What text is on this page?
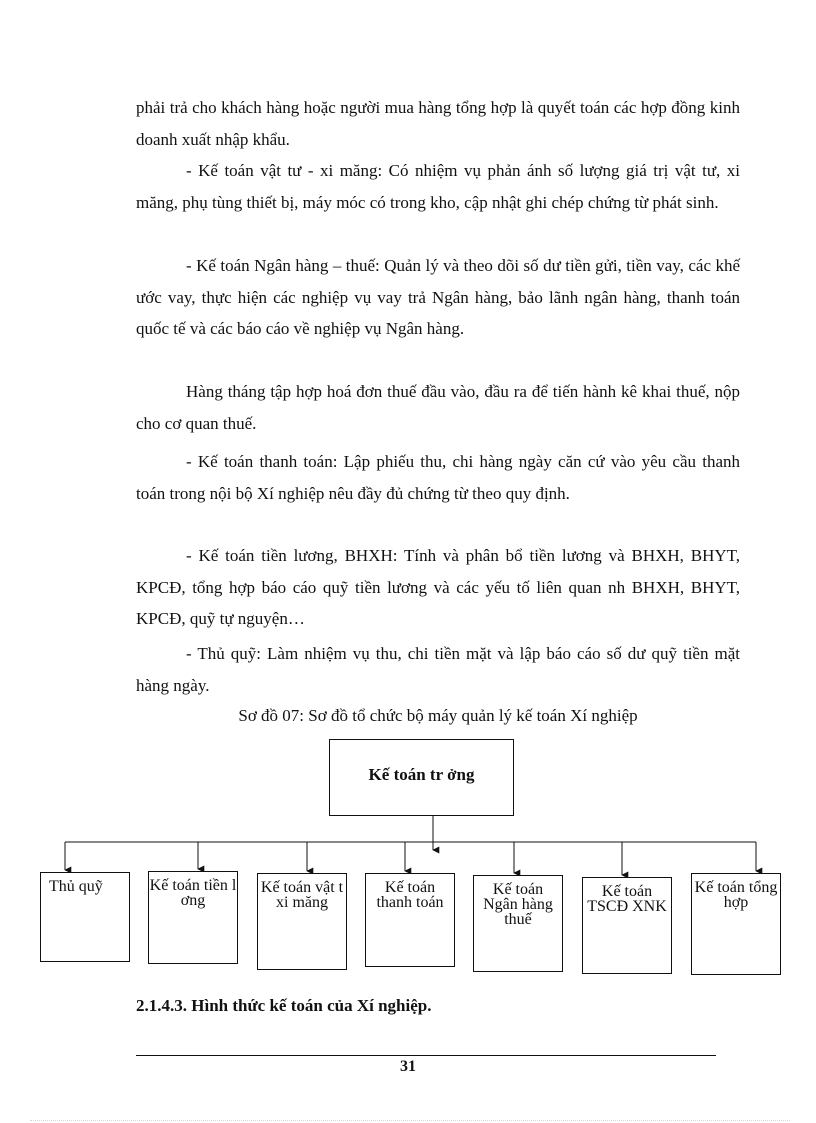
phải trả cho khách hàng hoặc người mua hàng tổng hợp là quyết toán các hợp đồng kinh doanh xuất nhập khẩu.
- Kế toán vật tư - xi măng: Có nhiệm vụ phản ánh số lượng giá trị vật tư, xi măng, phụ tùng thiết bị, máy móc có trong kho, cập nhật ghi chép chứng từ phát sinh.
- Kế toán Ngân hàng – thuế: Quản lý và theo dõi số dư tiền gửi, tiền vay, các khế ước vay, thực hiện các nghiệp vụ vay trả Ngân hàng, bảo lãnh ngân hàng, thanh toán quốc tế và các báo cáo về nghiệp vụ Ngân hàng.
Hàng tháng tập hợp hoá đơn thuế đầu vào, đầu ra để tiến hành kê khai thuế, nộp cho cơ quan thuế.
- Kế toán thanh toán: Lập phiếu thu, chi hàng ngày căn cứ vào yêu cầu thanh toán trong nội bộ Xí nghiệp nêu đầy đủ chứng từ theo quy định.
- Kế toán tiền lương, BHXH: Tính và phân bổ tiền lương và BHXH, BHYT, KPCĐ, tổng hợp báo cáo quỹ tiền lương và các yếu tố liên quan nh BHXH, BHYT, KPCĐ, quỹ tự nguyện…
- Thủ quỹ: Làm nhiệm vụ thu, chi tiền mặt và lập báo cáo số dư quỹ tiền mặt hàng ngày.
Sơ đồ 07: Sơ đồ tổ chức bộ máy quản lý kế toán Xí nghiệp
Kế toán tr ởng
Thủ quỹ	Kế toán tiền l ơng
Kế toán vật t xi măng
Kế toán thanh toán
Kế toán Ngân hàng thuế
Kế toán TSCĐ XNK
Kế toán tổng hợp
2.1.4.3. Hình thức kế toán của Xí nghiệp.
31
